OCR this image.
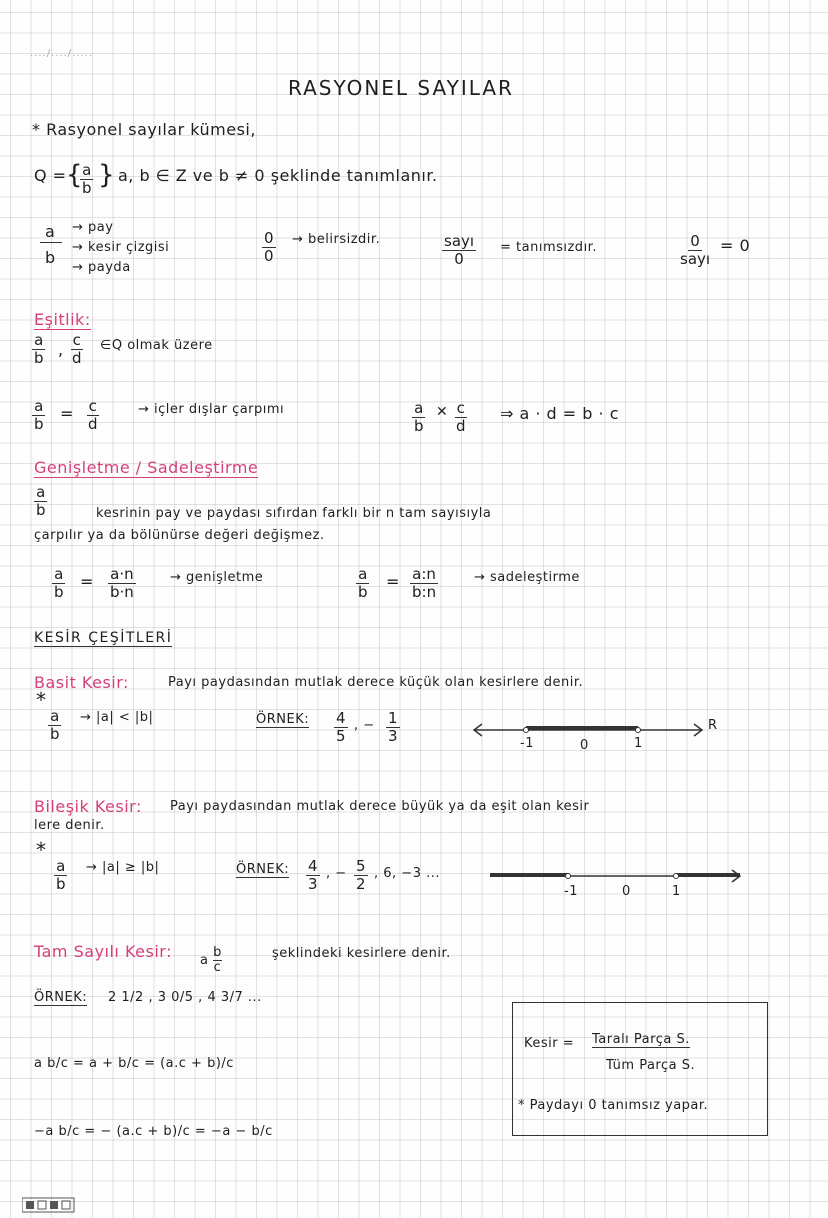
..../..../.....
RASYONEL SAYILAR
* Rasyonel sayılar kümesi,
Q = {
$\frac{a}{b}$ } a, b ∈ Z ve b ≠ 0 şeklinde tanımlanır.
a
b
→ pay
→ kesir çizgisi
→ payda
$\frac{0}{0}$ → belirsizdir.	sayı
0
= tanımsızdır.	0
sayı
= 0
Eşitlik:
$\frac{a}{b}$ , $\frac{c}{d}$ ∈Q olmak üzere
$\frac{a}{b} = \frac{c}{d}$	→ içler dışlar çarpımı	$\frac{a}{b}$ ✕ $\frac{c}{d}$ ⇒ a · d = b · c
Genişletme / Sadeleştirme
$\frac{a}{b}$	kesrinin pay ve paydası sıfırdan farklı bir n tam sayısıyla
çarpılır ya da bölünürse değeri değişmez.
$\frac{a}{b} = \frac{a\cdot n}{b\cdot n}$	→ genişletme	$\frac{a}{b} = \frac{a:n}{b:n}$	→ sadeleştirme
KESİR ÇEŞİTLERİ
Basit Kesir:	Payı paydasından mutlak derece küçük olan kesirlere denir.
*
$\frac{a}{b} \to |a| < |b|$	ÖRNEK: $\frac{4}{5}$ , − $\frac{1}{3}$	-1	0	1
R
Bileşik Kesir: Payı paydasından mutlak derece büyük ya da eşit olan kesir
lere denir.
*
$\frac{a}{b} \to |a| \ge |b|$	ÖRNEK: $\frac{4}{3}$ , − $\frac{5}{2}$ , 6, −3 ...
-1	0	1
Tam Sayılı Kesir: a $\frac{b}{c}$	şeklindeki kesirlere denir.
ÖRNEK: 2 1/2 , 3 0/5 , 4 3/7 ...
a b/c = a + b/c = (a.c + b)/c
−a b/c = − (a.c + b)/c = −a − b/c
Kesir = Taralı Parça S.
Tüm Parça S.
* Paydayı 0 tanımsız yapar.
